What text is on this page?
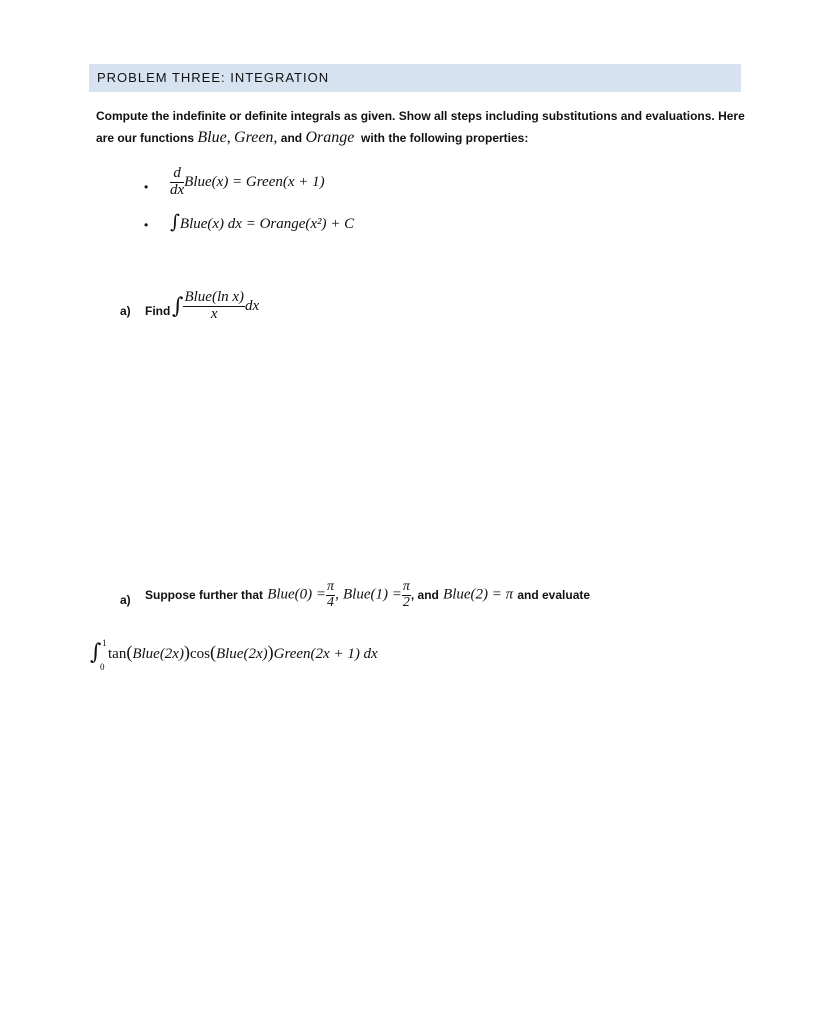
PROBLEM THREE: INTEGRATION
Compute the indefinite or definite integrals as given. Show all steps including substitutions and evaluations. Here
are our functions Blue, Green, and Orange with the following properties:
• $\frac{d}{dx}$ Blue(x) = Green(x + 1)
• ∫Blue(x) dx = Orange(x²) + C
a) Find ∫ $\frac{\text{Blue(ln x)}}{x}$ dx
a) Suppose further that Blue(0) = $\frac{\pi}{4}$ , Blue(1) = $\frac{\pi}{2}$ , and Blue(2) = π and evaluate
∫ 1
0
tan(Blue(2x))cos(Blue(2x))Green(2x + 1) dx
